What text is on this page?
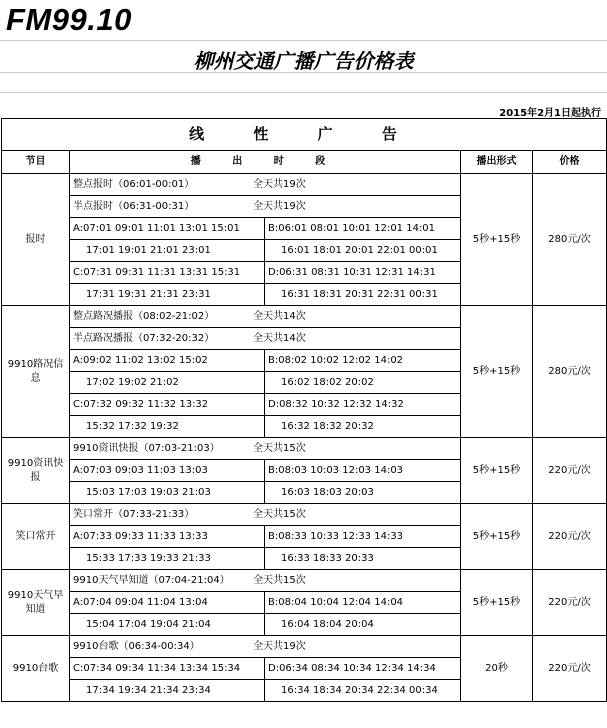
FM99.10
柳州交通广播广告价格表
2015年2月1日起执行
线 性 广 告				
节目	播 出 时 段		播出形式	价格
报时	整点报时（06:01-00:01） 全天共19次		5秒+15秒	280元/次
	半点报时（06:31-00:31） 全天共19次			
	A:07:01 09:01 11:01 13:01 15:01	B:06:01 08:01 10:01 12:01 14:01		
	17:01 19:01 21:01 23:01	16:01 18:01 20:01 22:01 00:01		
	C:07:31 09:31 11:31 13:31 15:31	D:06:31 08:31 10:31 12:31 14:31		
	17:31 19:31 21:31 23:31	16:31 18:31 20:31 22:31 00:31		
9910路况信息	整点路况播报（08:02-21:02） 全天共14次		5秒+15秒	280元/次
	半点路况播报（07:32-20:32） 全天共14次			
	A:09:02 11:02 13:02 15:02	B:08:02 10:02 12:02 14:02		
	17:02 19:02 21:02	16:02 18:02 20:02		
	C:07:32 09:32 11:32 13:32	D:08:32 10:32 12:32 14:32		
	15:32 17:32 19:32	16:32 18:32 20:32		
9910资讯快报	9910资讯快报（07:03-21:03） 全天共15次		5秒+15秒	220元/次
	A:07:03 09:03 11:03 13:03	B:08:03 10:03 12:03 14:03		
	15:03 17:03 19:03 21:03	16:03 18:03 20:03		
笑口常开	笑口常开（07:33-21:33） 全天共15次		5秒+15秒	220元/次
	A:07:33 09:33 11:33 13:33	B:08:33 10:33 12:33 14:33		
	15:33 17:33 19:33 21:33	16:33 18:33 20:33		
9910天气早知道	9910天气早知道（07:04-21:04） 全天共15次		5秒+15秒	220元/次
	A:07:04 09:04 11:04 13:04	B:08:04 10:04 12:04 14:04		
	15:04 17:04 19:04 21:04	16:04 18:04 20:04		
9910台歌	9910台歌（06:34-00:34） 全天共19次		20秒	220元/次
	C:07:34 09:34 11:34 13:34 15:34	D:06:34 08:34 10:34 12:34 14:34		
	17:34 19:34 21:34 23:34	16:34 18:34 20:34 22:34 00:34		
